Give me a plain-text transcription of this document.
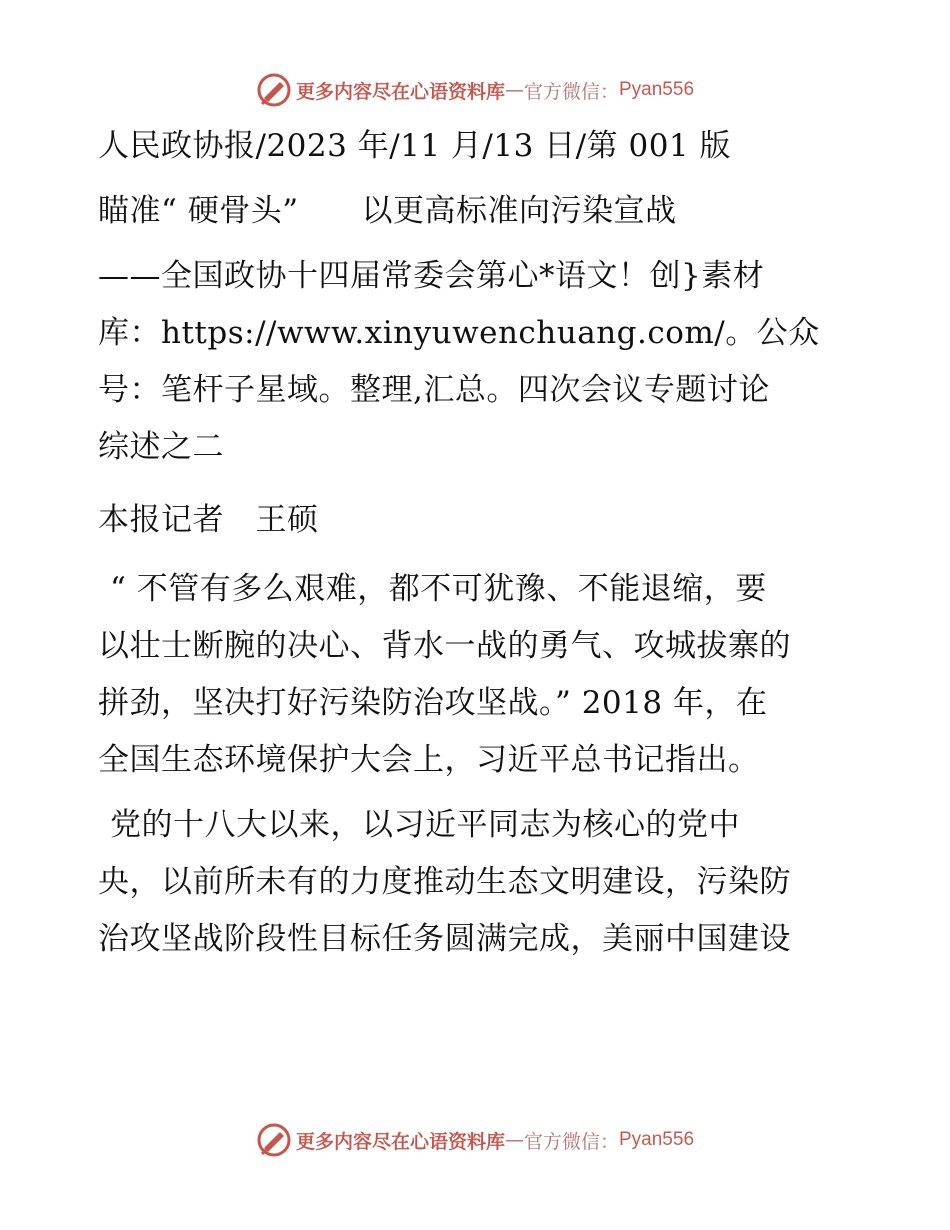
更多内容尽在心语资料库 — 官方微信： Pyan556

人民政协报/2023 年/11 月/13 日/第 001 版

瞄准“ 硬骨头”　　以更高标准向污染宣战

——全国政协十四届常委会第心*语文！创}素材
库：https://www.xinyuwenchuang.com/。公众
号：笔杆子星域。整理,汇总。四次会议专题讨论
综述之二

本报记者　王硕

“ 不管有多么艰难，都不可犹豫、不能退缩，要
以壮士断腕的决心、背水一战的勇气、攻城拔寨的
拼劲，坚决打好污染防治攻坚战。” 2018 年，在
全国生态环境保护大会上，习近平总书记指出。
党的十八大以来，以习近平同志为核心的党中
央，以前所未有的力度推动生态文明建设，污染防
治攻坚战阶段性目标任务圆满完成，美丽中国建设
更多内容尽在心语资料库 — 官方微信： Pyan556
